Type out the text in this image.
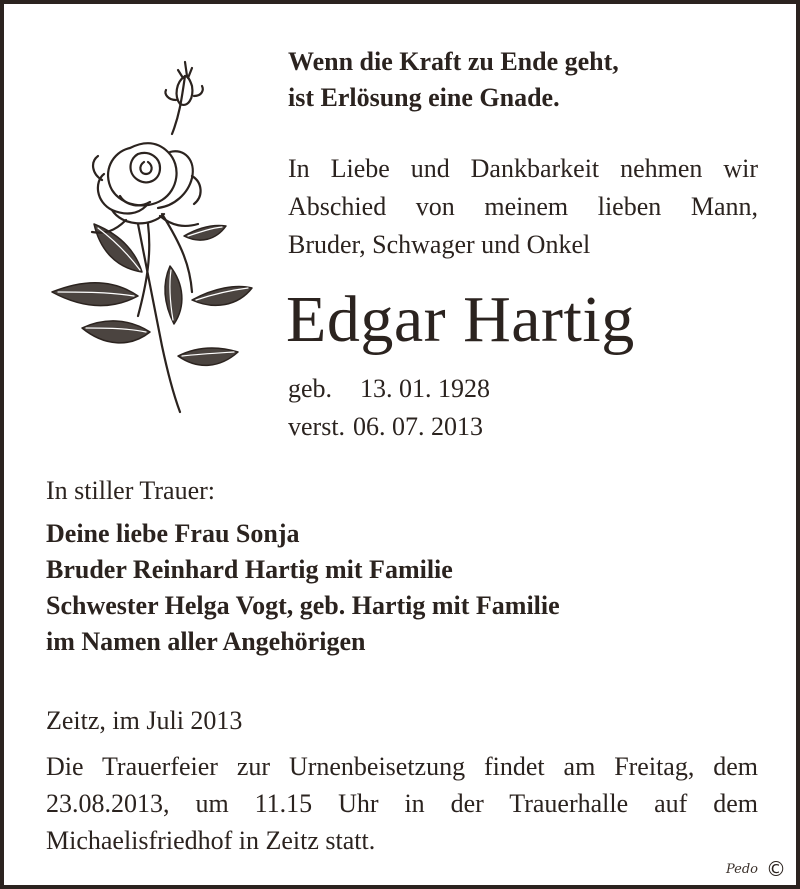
Wenn die Kraft zu Ende geht,
ist Erlösung eine Gnade.
In Liebe und Dankbarkeit nehmen wir
Abschied von meinem lieben Mann,
Bruder, Schwager und Onkel
Edgar Hartig
geb.	13. 01. 1928
verst. 06. 07. 2013
In stiller Trauer:
Deine liebe Frau Sonja
Bruder Reinhard Hartig mit Familie
Schwester Helga Vogt, geb. Hartig mit Familie
im Namen aller Angehörigen
Zeitz, im Juli 2013
Die Trauerfeier zur Urnenbeisetzung findet am Freitag, dem
23.08.2013, um 11.15 Uhr in der Trauerhalle auf dem
Michaelisfriedhof in Zeitz statt.
Pedo ©
